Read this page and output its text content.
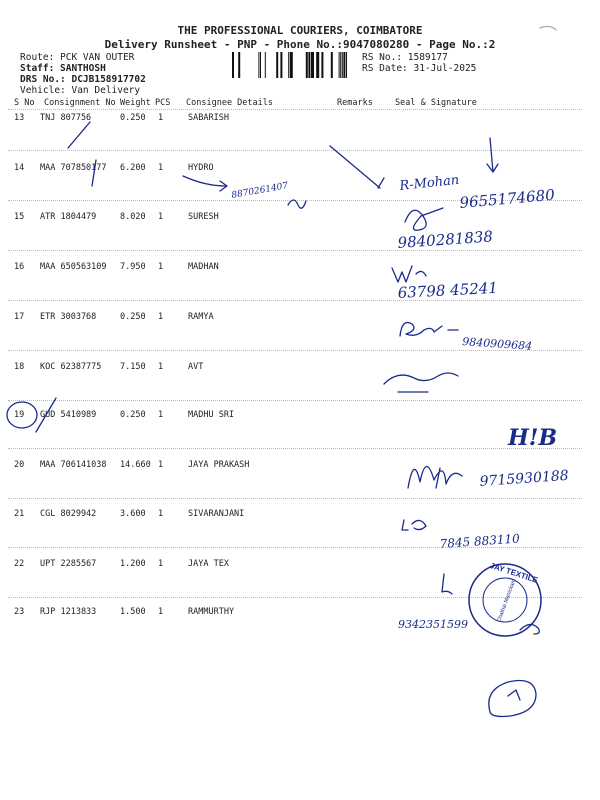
THE PROFESSIONAL COURIERS, COIMBATORE
Delivery Runsheet - PNP - Phone No.:9047080280 - Page No.:2
Route: PCK VAN OUTER
Staff: SANTHOSH
DRS No.: DCJB158917702
Vehicle: Van Delivery
RS No.: 1589177
RS Date: 31-Jul-2025
S No Consignment No Weight PCS Consignee Details	Remarks	Seal & Signature
13 TNJ 807756	0.250 1	SABARISH
14 MAA 707850177 6.200 1	HYDRO
15 ATR 1804479	8.020 1	SURESH
16 MAA 650563109 7.950 1	MADHAN
17 ETR 3003768	0.250 1	RAMYA
18 KOC 62387775 7.150 1	AVT
19 GUD 5410989	0.250 1	MADHU SRI
20 MAA 706141038 14.660 1	JAYA PRAKASH
21 CGL 8029942	3.600 1	SIVARANJANI
22 UPT 2285567	1.200 1	JAYA TEX
23 RJP 1213833	1.500 1	RAMMURTHY
8870261407	R-Mohan
9655174680
9840281838
63798 45241
9840909684
H!B
9715930188
7845 883110
9342351599
JAY TEXTILE
Chathai Manickam
